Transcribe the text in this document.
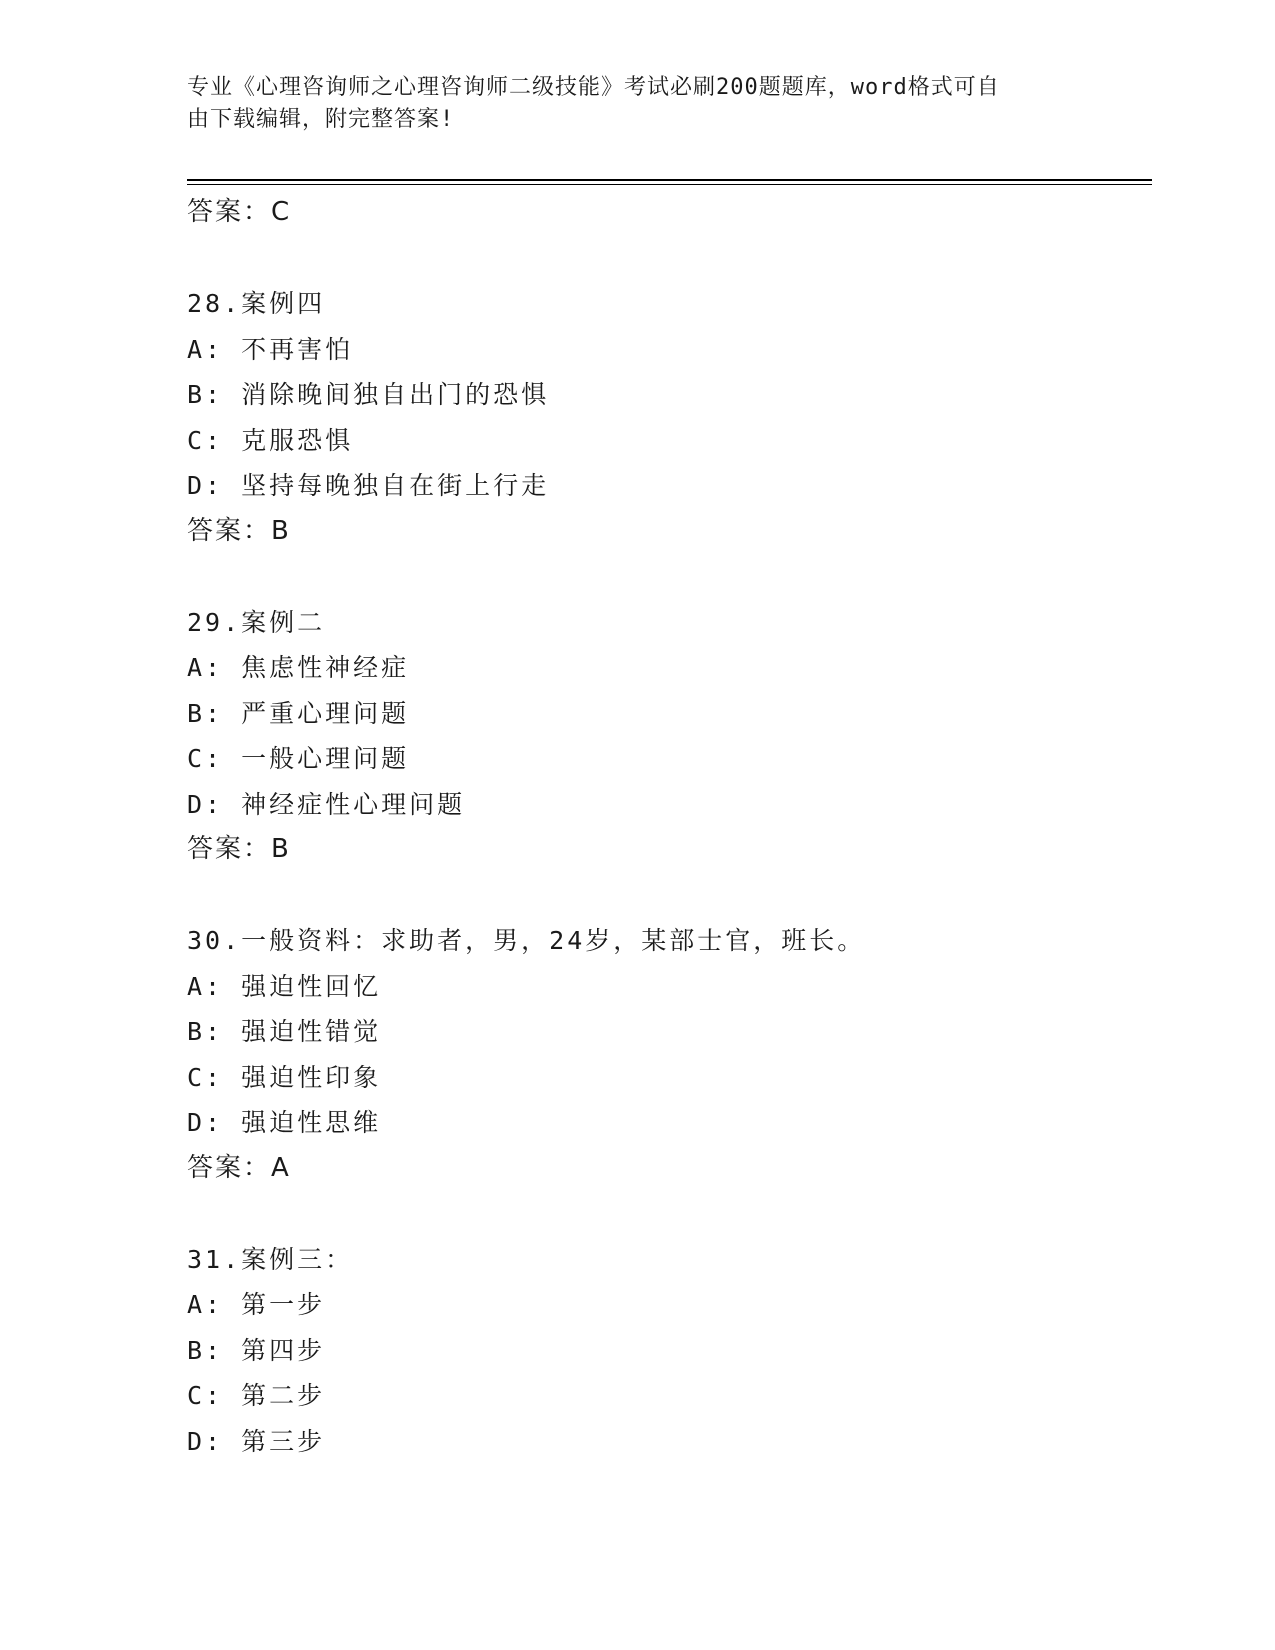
专业《心理咨询师之心理咨询师二级技能》考试必刷200题题库，word格式可自
由下载编辑，附完整答案!
答案：C
28.案例四
A: 不再害怕
B: 消除晚间独自出门的恐惧
C: 克服恐惧
D: 坚持每晚独自在街上行走
答案：B
29.案例二
A: 焦虑性神经症
B: 严重心理问题
C: 一般心理问题
D: 神经症性心理问题
答案：B
30.一般资料：求助者，男，24岁，某部士官，班长。
A: 强迫性回忆
B: 强迫性错觉
C: 强迫性印象
D: 强迫性思维
答案：A
31.案例三：
A: 第一步
B: 第四步
C: 第二步
D: 第三步
